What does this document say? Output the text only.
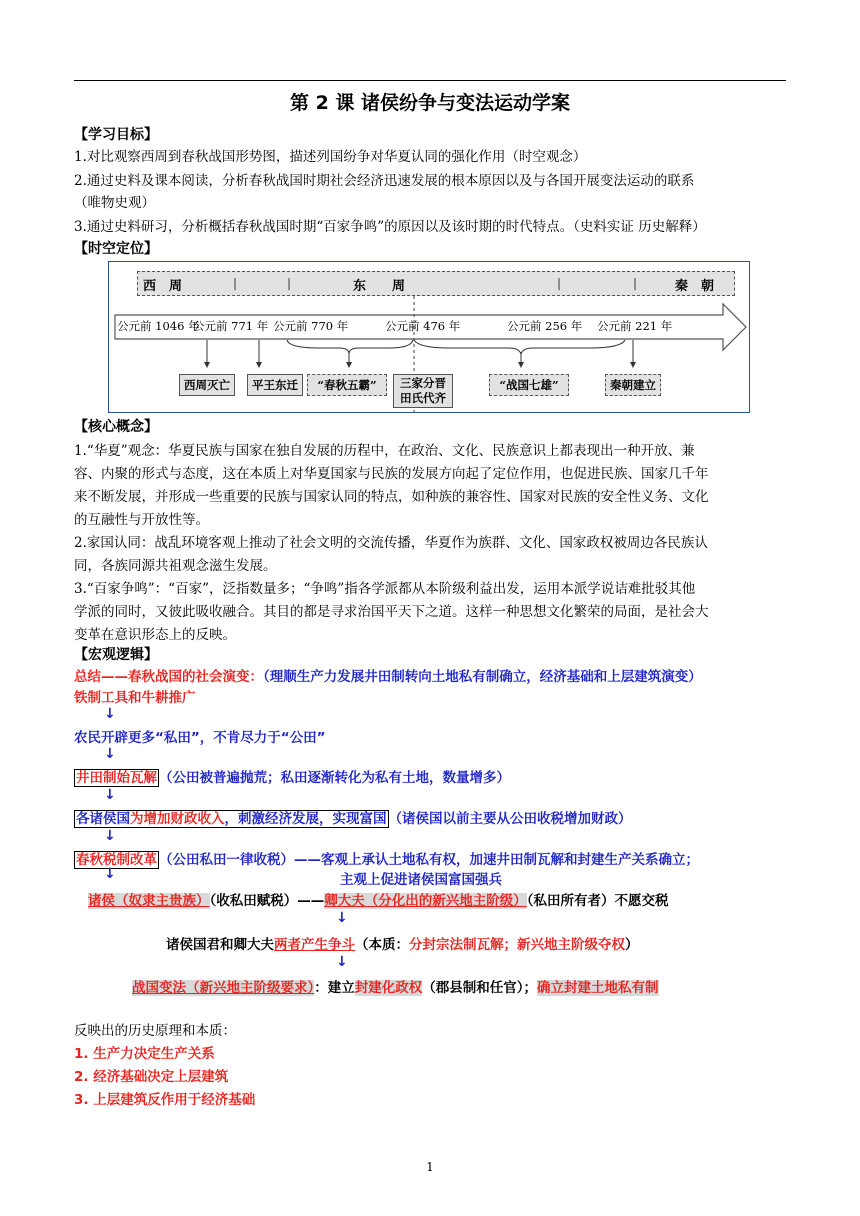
第 2 课 诸侯纷争与变法运动学案
【学习目标】
1.对比观察西周到春秋战国形势图，描述列国纷争对华夏认同的强化作用（时空观念）
2.通过史料及课本阅读，分析春秋战国时期社会经济迅速发展的根本原因以及与各国开展变法运动的联系
（唯物史观）
3.通过史料研习，分析概括春秋战国时期“百家争鸣”的原因以及该时期的时代特点。（史料实证 历史解释）
【时空定位】
西　周	|	|	东　　周	|	|	秦　朝
公元前 1046 年
公元前 771 年 公元前 770 年	公元前 476 年	公元前 256 年 公元前 221 年
西周灭亡	平王东迁	“春秋五霸”	三家分晋
田氏代齐
“战国七雄”	秦朝建立
【核心概念】
1.“华夏”观念：华夏民族与国家在独自发展的历程中，在政治、文化、民族意识上都表现出一种开放、兼
容、内聚的形式与态度，这在本质上对华夏国家与民族的发展方向起了定位作用，也促进民族、国家几千年
来不断发展，并形成一些重要的民族与国家认同的特点，如种族的兼容性、国家对民族的安全性义务、文化
的互融性与开放性等。
2.家国认同：战乱环境客观上推动了社会文明的交流传播，华夏作为族群、文化、国家政权被周边各民族认
同，各族同源共祖观念滋生发展。
3.“百家争鸣”：“百家”，泛指数量多；“争鸣”指各学派都从本阶级利益出发，运用本派学说诘难批驳其他
学派的同时，又彼此吸收融合。其目的都是寻求治国平天下之道。这样一种思想文化繁荣的局面，是社会大
变革在意识形态上的反映。
【宏观逻辑】
总结——春秋战国的社会演变：（理顺生产力发展井田制转向土地私有制确立，经济基础和上层建筑演变）
铁制工具和牛耕推广
↓
农民开辟更多“私田”，不肯尽力于“公田”
↓
井田制始瓦解 （公田被普遍抛荒；私田逐渐转化为私有土地，数量增多）
↓
各诸侯国为增加财政收入，刺激经济发展，实现富国 （诸侯国以前主要从公田收税增加财政）
↓
春秋税制改革 （公田私田一律收税）——客观上承认土地私有权，加速井田制瓦解和封建生产关系确立；
↓	主观上促进诸侯国富国强兵
诸侯（奴隶主贵族）（收私田赋税）——卿大夫（分化出的新兴地主阶级）（私田所有者）不愿交税
↓
诸侯国君和卿大夫两者产生争斗（本质：分封宗法制瓦解；新兴地主阶级夺权）
↓
战国变法（新兴地主阶级要求）：建立封建化政权（郡县制和任官）；确立封建土地私有制
反映出的历史原理和本质：
1. 生产力决定生产关系
2. 经济基础决定上层建筑
3. 上层建筑反作用于经济基础
1
